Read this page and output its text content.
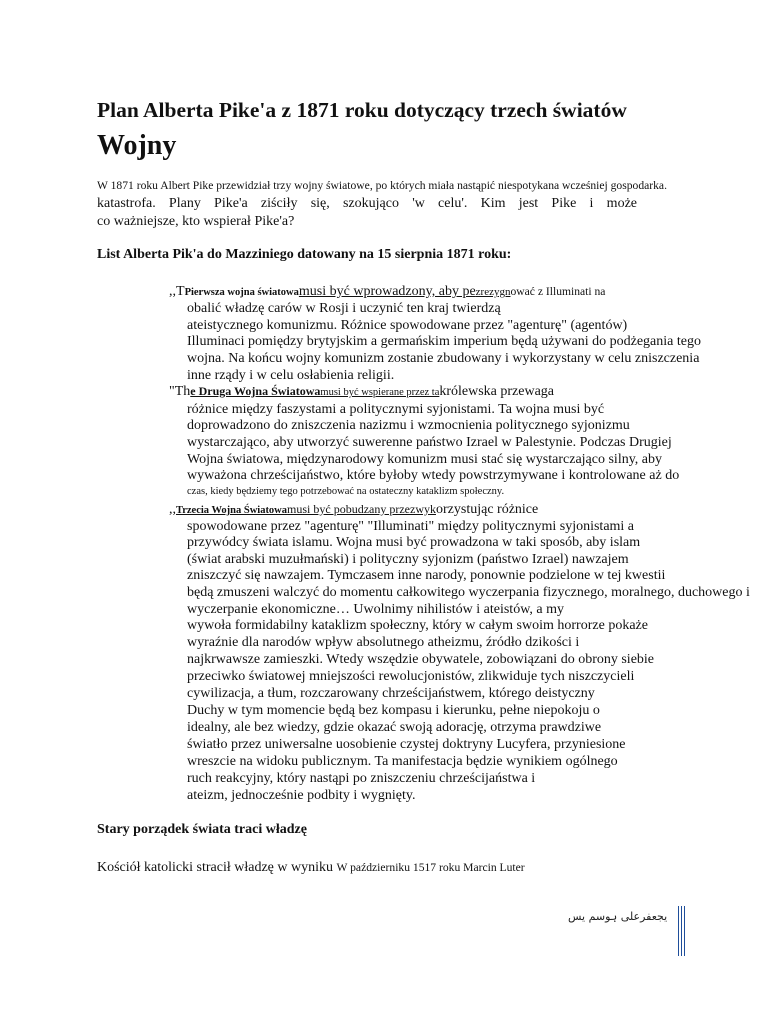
Plan Alberta Pike'a z 1871 roku dotyczący trzech światów
Wojny
W 1871 roku Albert Pike przewidział trzy wojny światowe, po których miała nastąpić niespotykana wcześniej gospodarka.
katastrofa. Plany Pike'a ziściły się, szokująco 'w celu'. Kim jest Pike i może
co ważniejsze, kto wspierał Pike'a?
List Alberta Pik'a do Mazziniego datowany na 15 sierpnia 1871 roku:
,,TPierwsza wojna światowamusi być wprowadzony, aby pezrezygnować z Illuminati na
obalić władzę carów w Rosji i uczynić ten kraj twierdzą
ateistycznego komunizmu. Różnice spowodowane przez "agenturę" (agentów)
Illuminaci pomiędzy brytyjskim a germańskim imperium będą używani do podżegania tego
wojna. Na końcu wojny komunizm zostanie zbudowany i wykorzystany w celu zniszczenia
inne rządy i w celu osłabienia religii.
"The Druga Wojna Światowamusi być wspierane przez takrólewska przewaga
różnice między faszystami a politycznymi syjonistami. Ta wojna musi być
doprowadzono do zniszczenia nazizmu i wzmocnienia politycznego syjonizmu
wystarczająco, aby utworzyć suwerenne państwo Izrael w Palestynie. Podczas Drugiej
Wojna światowa, międzynarodowy komunizm musi stać się wystarczająco silny, aby
wyważona chrześcijaństwo, które byłoby wtedy powstrzymywane i kontrolowane aż do
czas, kiedy będziemy tego potrzebować na ostateczny kataklizm społeczny.
,,Trzecia Wojna Światowamusi być pobudzany przezwykorzystując różnice
spowodowane przez "agenturę" "Illuminati" między politycznymi syjonistami a
przywódcy świata islamu. Wojna musi być prowadzona w taki sposób, aby islam
(świat arabski muzułmański) i polityczny syjonizm (państwo Izrael) nawzajem
zniszczyć się nawzajem. Tymczasem inne narody, ponownie podzielone w tej kwestii
będą zmuszeni walczyć do momentu całkowitego wyczerpania fizycznego, moralnego, duchowego i
wyczerpanie ekonomiczne… Uwolnimy nihilistów i ateistów, a my
wywoła formidabilny kataklizm społeczny, który w całym swoim horrorze pokaże
wyraźnie dla narodów wpływ absolutnego atheizmu, źródło dzikości i
najkrwawsze zamieszki. Wtedy wszędzie obywatele, zobowiązani do obrony siebie
przeciwko światowej mniejszości rewolucjonistów, zlikwiduje tych niszczycieli
cywilizacja, a tłum, rozczarowany chrześcijaństwem, którego deistyczny
Duchy w tym momencie będą bez kompasu i kierunku, pełne niepokoju o
idealny, ale bez wiedzy, gdzie okazać swoją adorację, otrzyma prawdziwe
światło przez uniwersalne uosobienie czystej doktryny Lucyfera, przyniesione
wreszcie na widoku publicznym. Ta manifestacja będzie wynikiem ogólnego
ruch reakcyjny, który nastąpi po zniszczeniu chrześcijaństwa i
ateizm, jednocześnie podbity i wygnięty.
Stary porządek świata traci władzę
Kościół katolicki stracił władzę w wyniku W październiku 1517 roku Marcin Luter
یجعفرعلی ہوسم یس
